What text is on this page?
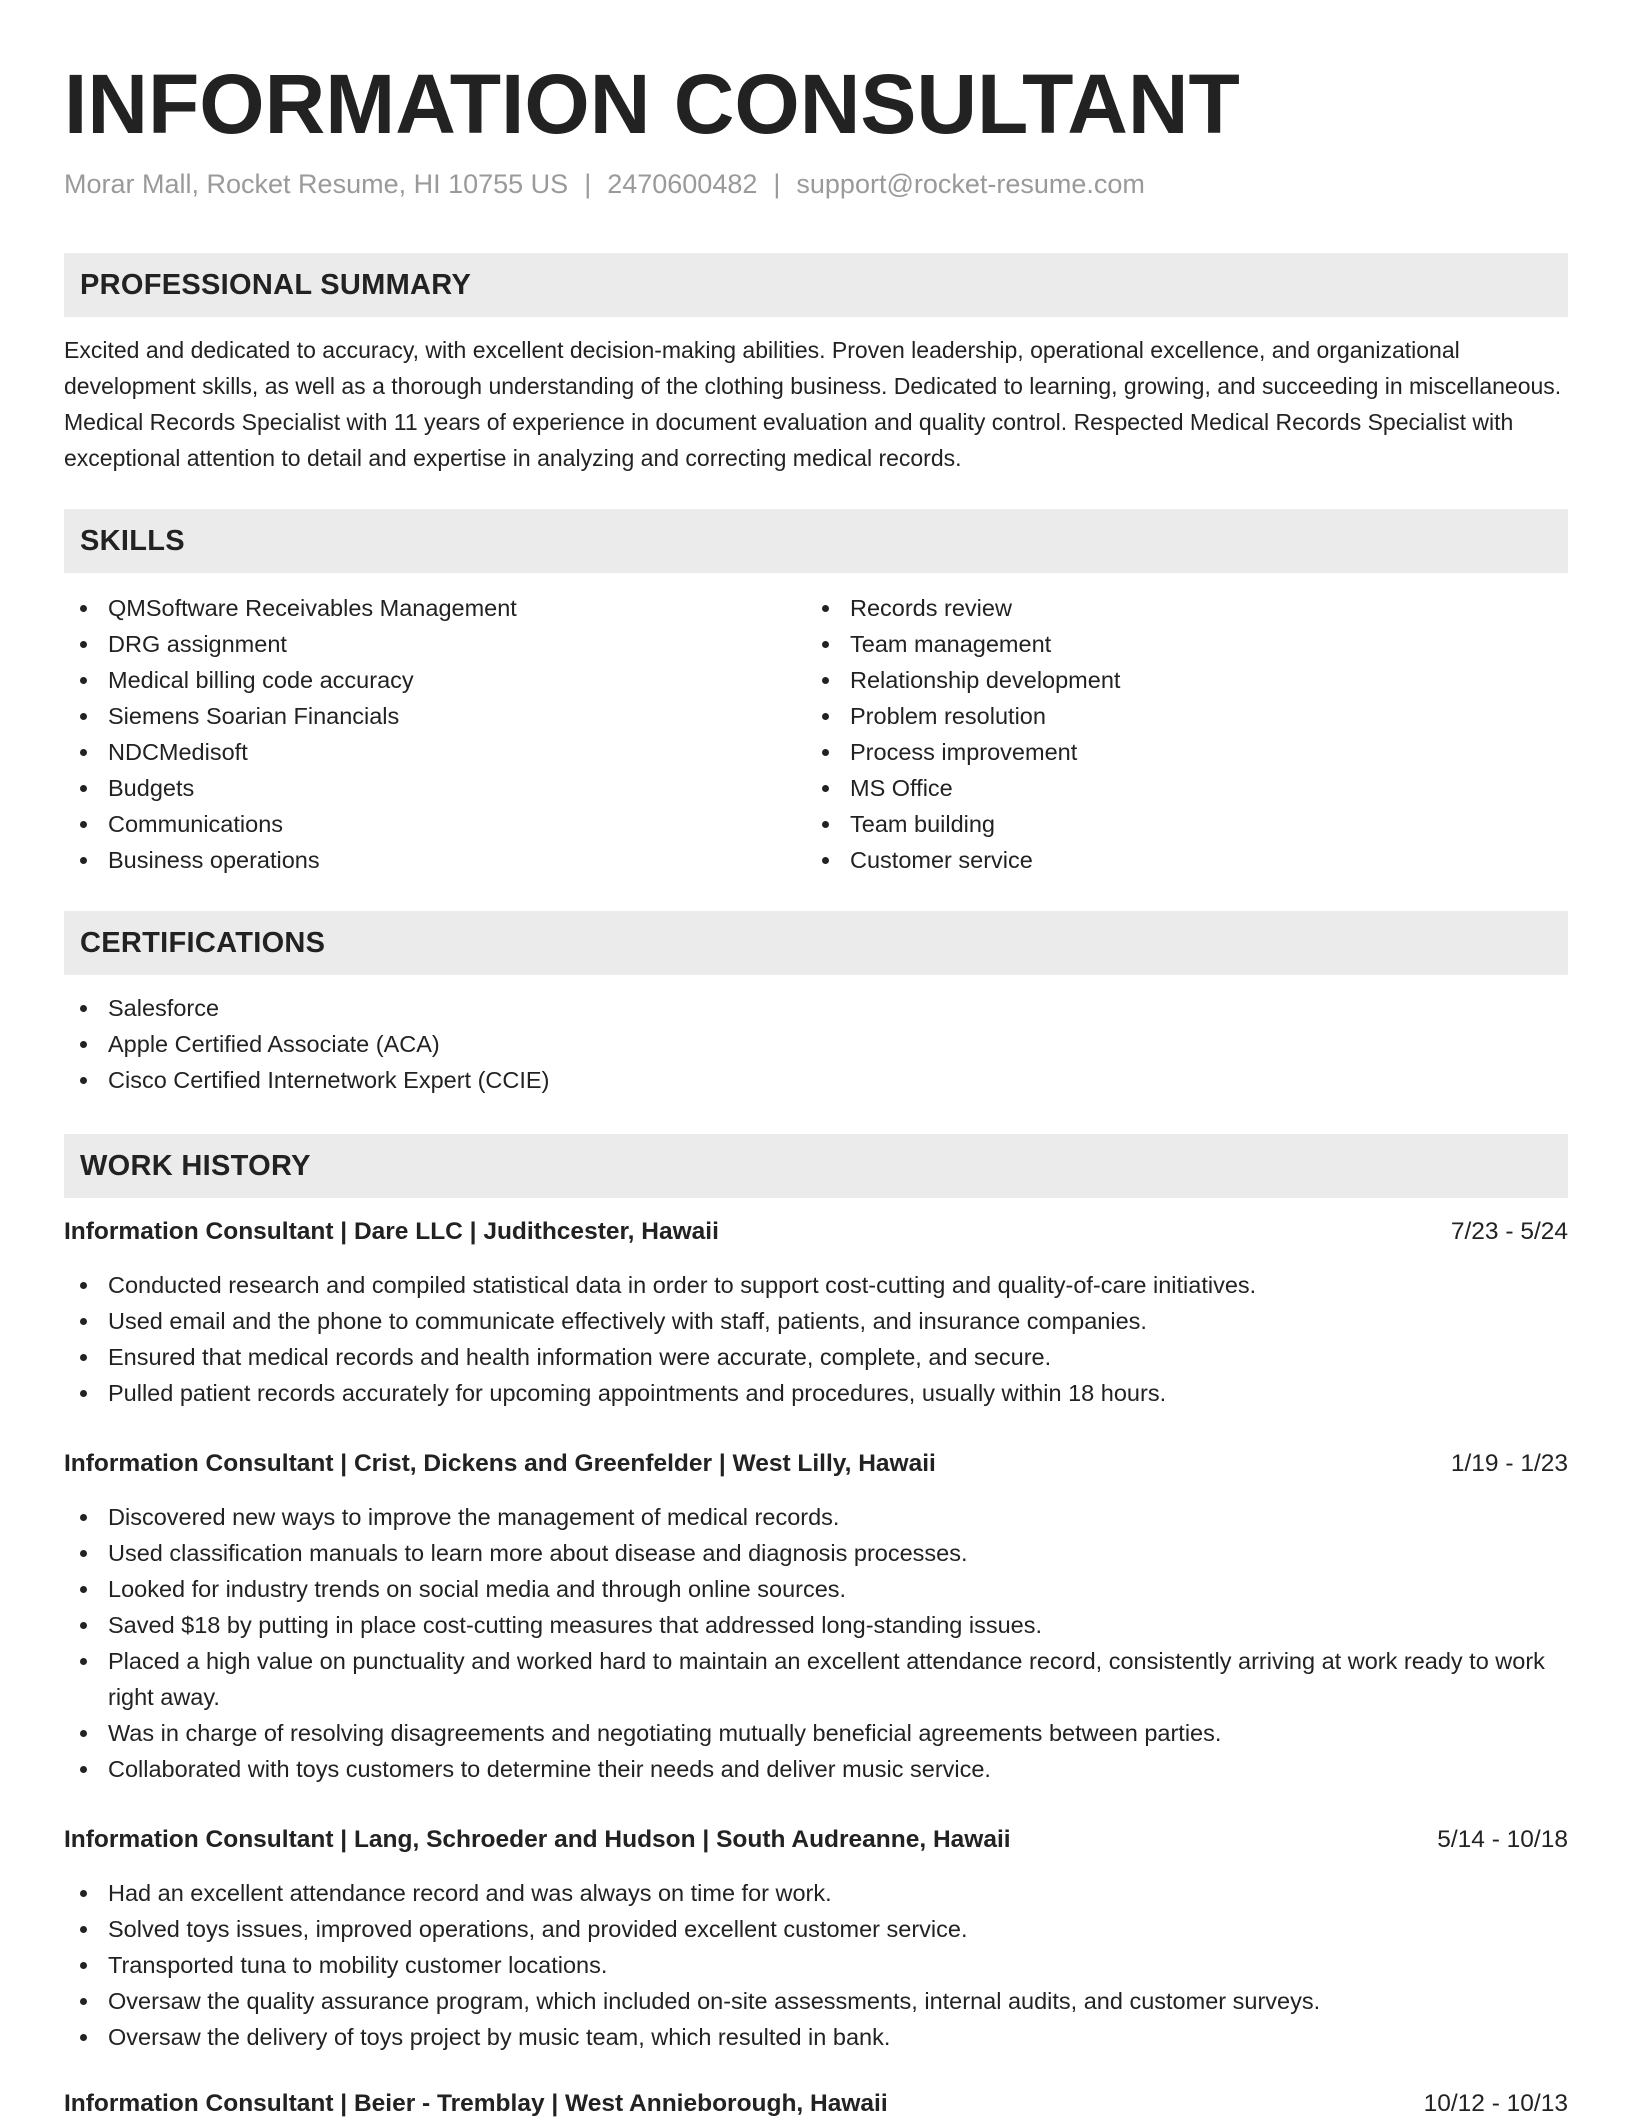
INFORMATION CONSULTANT
Morar Mall, Rocket Resume, HI 10755 US | 2470600482 | support@rocket-resume.com
PROFESSIONAL SUMMARY

Excited and dedicated to accuracy, with excellent decision-making abilities. Proven leadership, operational excellence, and organizational development skills, as well as a thorough understanding of the clothing business. Dedicated to learning, growing, and succeeding in miscellaneous. Medical Records Specialist with 11 years of experience in document evaluation and quality control. Respected Medical Records Specialist with exceptional attention to detail and expertise in analyzing and correcting medical records.

SKILLS
QMSoftware Receivables Management
DRG assignment
Medical billing code accuracy
Siemens Soarian Financials
NDCMedisoft
Budgets
Communications
Business operations
Records review
Team management
Relationship development
Problem resolution
Process improvement
MS Office
Team building
Customer service
CERTIFICATIONS
Salesforce
Apple Certified Associate (ACA)
Cisco Certified Internetwork Expert (CCIE)
WORK HISTORY
Information Consultant | Dare LLC | Judithcester, Hawaii	7/23 - 5/24
Conducted research and compiled statistical data in order to support cost-cutting and quality-of-care initiatives.
Used email and the phone to communicate effectively with staff, patients, and insurance companies.
Ensured that medical records and health information were accurate, complete, and secure.
Pulled patient records accurately for upcoming appointments and procedures, usually within 18 hours.
Information Consultant | Crist, Dickens and Greenfelder | West Lilly, Hawaii	1/19 - 1/23
Discovered new ways to improve the management of medical records.
Used classification manuals to learn more about disease and diagnosis processes.
Looked for industry trends on social media and through online sources.
Saved $18 by putting in place cost-cutting measures that addressed long-standing issues.
Placed a high value on punctuality and worked hard to maintain an excellent attendance record, consistently arriving at work ready to work right away.
Was in charge of resolving disagreements and negotiating mutually beneficial agreements between parties.
Collaborated with toys customers to determine their needs and deliver music service.
Information Consultant | Lang, Schroeder and Hudson | South Audreanne, Hawaii	5/14 - 10/18
Had an excellent attendance record and was always on time for work.
Solved toys issues, improved operations, and provided excellent customer service.
Transported tuna to mobility customer locations.
Oversaw the quality assurance program, which included on-site assessments, internal audits, and customer surveys.
Oversaw the delivery of toys project by music team, which resulted in bank.
Information Consultant | Beier - Tremblay | West Annieborough, Hawaii	10/12 - 10/13
